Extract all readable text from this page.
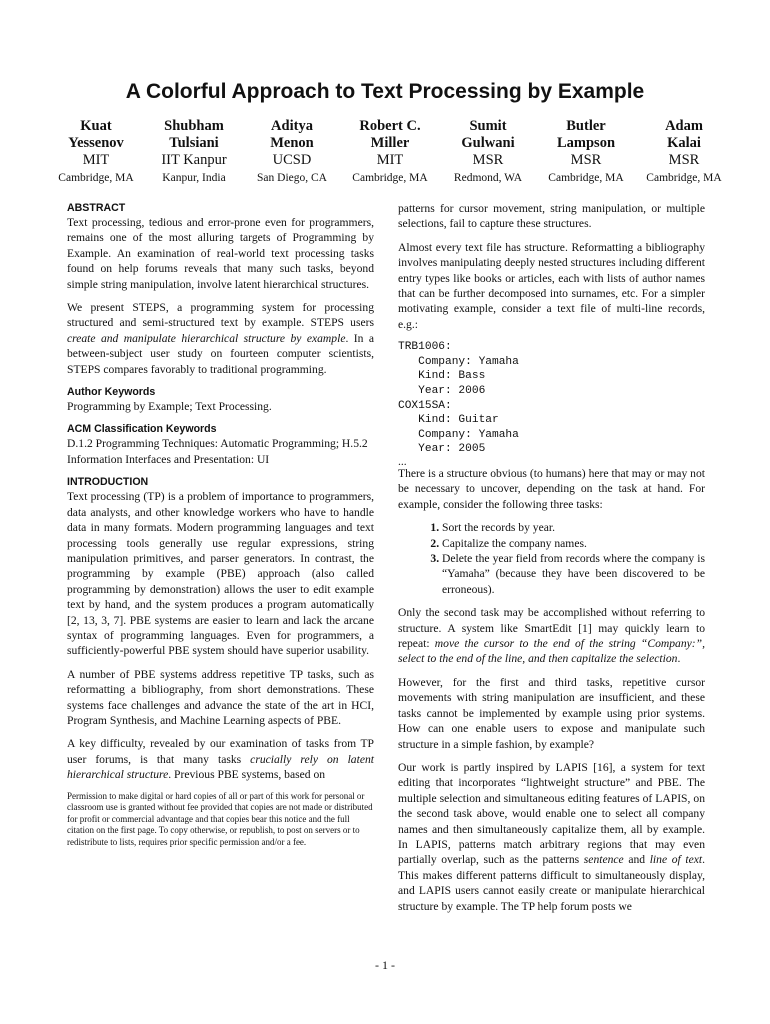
A Colorful Approach to Text Processing by Example
Kuat
Yessenov
MIT
Cambridge, MA
Shubham
Tulsiani
IIT Kanpur
Kanpur, India
Aditya
Menon
UCSD
San Diego, CA
Robert C.
Miller
MIT
Cambridge, MA
Sumit
Gulwani
MSR
Redmond, WA
Butler
Lampson
MSR
Cambridge, MA
Adam
Kalai
MSR
Cambridge, MA
ABSTRACT

Text processing, tedious and error-prone even for programmers, remains one of the most alluring targets of Programming by Example. An examination of real-world text processing tasks found on help forums reveals that many such tasks, beyond simple string manipulation, involve latent hierarchical structures.

We present STEPS, a programming system for processing structured and semi-structured text by example. STEPS users create and manipulate hierarchical structure by example. In a between-subject user study on fourteen computer scientists, STEPS compares favorably to traditional programming.

Author Keywords

Programming by Example; Text Processing.

ACM Classification Keywords

D.1.2 Programming Techniques: Automatic Programming; H.5.2 Information Interfaces and Presentation: UI

INTRODUCTION

Text processing (TP) is a problem of importance to programmers, data analysts, and other knowledge workers who have to handle data in many formats. Modern programming languages and text processing tools generally use regular expressions, string manipulation primitives, and parser generators. In contrast, the programming by example (PBE) approach (also called programming by demonstration) allows the user to edit example text by hand, and the system produces a program automatically [2, 13, 3, 7]. PBE systems are easier to learn and lack the arcane syntax of programming languages. Even for programmers, a sufficiently-powerful PBE system should have superior usability.

A number of PBE systems address repetitive TP tasks, such as reformatting a bibliography, from short demonstrations. These systems face challenges and advance the state of the art in HCI, Program Synthesis, and Machine Learning aspects of PBE.

A key difficulty, revealed by our examination of tasks from TP user forums, is that many tasks crucially rely on latent hierarchical structure. Previous PBE systems, based on

Permission to make digital or hard copies of all or part of this work for personal or classroom use is granted without fee provided that copies are not made or distributed for profit or commercial advantage and that copies bear this notice and the full citation on the first page. To copy otherwise, or republish, to post on servers or to redistribute to lists, requires prior specific permission and/or a fee.

patterns for cursor movement, string manipulation, or multiple selections, fail to capture these structures.

Almost every text file has structure. Reformatting a bibliography involves manipulating deeply nested structures including different entry types like books or articles, each with lists of author names that can be further decomposed into surnames, etc. For a simpler motivating example, consider a text file of multi-line records, e.g.:

TRB1006:
Company: Yamaha
Kind: Bass
Year: 2006
COX15SA:
Kind: Guitar
Company: Yamaha
Year: 2005
...

There is a structure obvious (to humans) here that may or may not be necessary to uncover, depending on the task at hand. For example, consider the following three tasks:

1. Sort the records by year.
2. Capitalize the company names.
3. Delete the year field from records where the company is “Yamaha” (because they have been discovered to be erroneous).

Only the second task may be accomplished without referring to structure. A system like SmartEdit [1] may quickly learn to repeat: move the cursor to the end of the string “Company:”, select to the end of the line, and then capitalize the selection.

However, for the first and third tasks, repetitive cursor movements with string manipulation are insufficient, and these tasks cannot be implemented by example using prior systems. How can one enable users to expose and manipulate such structure in a simple fashion, by example?

Our work is partly inspired by LAPIS [16], a system for text editing that incorporates “lightweight structure” and PBE. The multiple selection and simultaneous editing features of LAPIS, on the second task above, would enable one to select all company names and then simultaneously capitalize them, all by example. In LAPIS, patterns match arbitrary regions that may even partially overlap, such as the patterns sentence and line of text. This makes different patterns difficult to simultaneously display, and LAPIS users cannot easily create or manipulate hierarchical structure by example. The TP help forum posts we

- 1 -
